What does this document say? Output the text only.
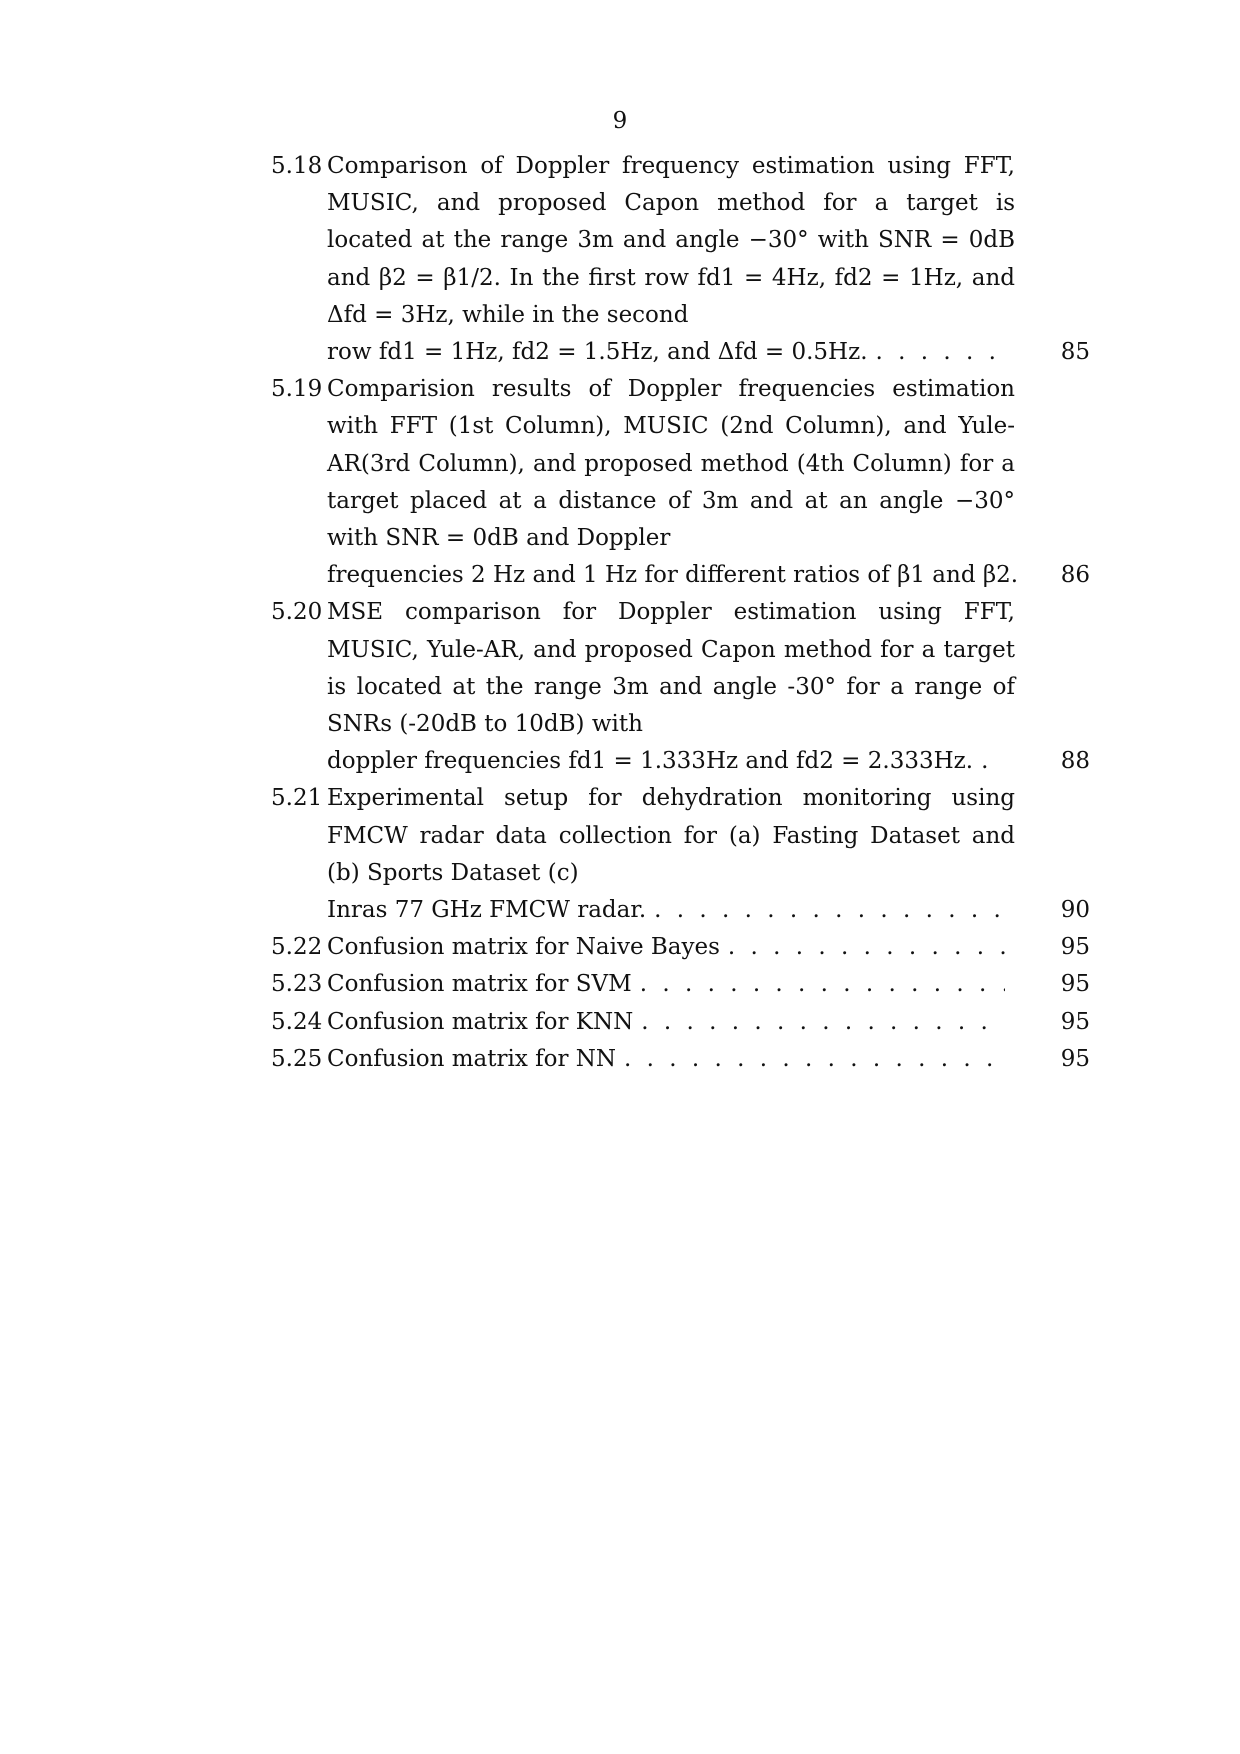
9
5.18 Comparison of Doppler frequency estimation using FFT, MUSIC, and proposed Capon method for a target is located at the range 3m and angle −30° with SNR = 0dB and β2 = β1/2. In the first row fd1 = 4Hz, fd2 = 1Hz, and Δfd = 3Hz, while in the second
row fd1 = 1Hz, fd2 = 1.5Hz, and Δfd = 0.5Hz. . . .	85
5.19 Comparision results of Doppler frequencies estimation with FFT (1st Column), MUSIC (2nd Column), and Yule-AR(3rd Column), and proposed method (4th Column) for a target placed at a distance of 3m and at an angle −30° with SNR = 0dB and Doppler
frequencies 2 Hz and 1 Hz for different ratios of β1 and β2.	86
5.20 MSE comparison for Doppler estimation using FFT, MUSIC, Yule-AR, and proposed Capon method for a target is located at the range 3m and angle -30° for a range of SNRs (-20dB to 10dB) with
doppler frequencies fd1 = 1.333Hz and fd2 = 2.333Hz. . . .	88
5.21 Experimental setup for dehydration monitoring using FMCW radar data collection for (a) Fasting Dataset and (b) Sports Dataset (c)
Inras 77 GHz FMCW radar. . . .	90
5.22 Confusion matrix for Naive Bayes . . .	95
5.23 Confusion matrix for SVM . . .	95
5.24 Confusion matrix for KNN . . .	95
5.25 Confusion matrix for NN . . .	95
